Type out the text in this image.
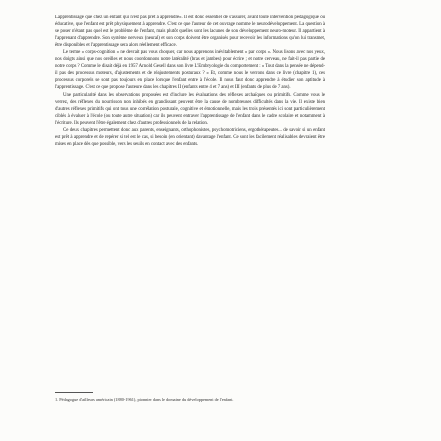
Lapprentissage que chez un enfant qui n'est pas prêt à apprendre». Il est donc essentiel de s'assurer, avant toute intervention pédagogique ou éducative, que l'enfant est prêt physiquement à apprendre. C'est ce que l'auteur de cet ouvrage nomme le neurodéveloppement. La question à se poser n'étant pas quel est le problème de l'enfant, mais plutôt quelles sont les lacunes de son développement neuro-moteur. Il appartient à l'apprenant d'apprendre. Son système nerveux (neural) et son corps doivent être organisés pour recevoir les informations qu'on lui transmet, être disponibles et l'apprentissage sera alors réellement efficace.

Le terme « corps-cognition » ne devrait pas vous choquer, car nous apprenons inévitablement « par corps ». Nous lisons avec nos yeux, nos doigts ainsi que nos oreilles et nous coordonnons notre latéralité (bras et jambes) pour écrire ; et notre cerveau, ne fait-il pas partie de notre corps ? Comme le disait déjà en 1957 Arnold Gesell dans son livre L'Embryologie du comportement : « Tout dans la pensée ne dépend-il pas des processus moteurs, d'ajustements et de réajustements posturaux ? » Et, comme nous le verrons dans ce livre (chapitre 1), ces processus corporels se sont pas toujours en place lorsque l'enfant entre à l'école. Il nous faut donc apprendre à étudier son aptitude à l'apprentissage. C'est ce que propose l'auteure dans les chapitres II (enfants entre 4 et 7 ans) et III (enfants de plus de 7 ans).

Une particularité dans les observations proposées est d'inclure les évaluations des réflexes archaïques ou primitifs. Comme vous le verrez, des réflexes du nourrisson non inhibés en grandissant peuvent être la cause de nombreuses difficultés dans la vie. Il existe bien d'autres réflexes primitifs qui ont tous une corrélation posturale, cognitive et émotionnelle, mais les trois présentés ici sont particulièrement ciblés à évaluer à l'école (ou toute autre situation) car ils peuvent entraver l'apprentissage de l'enfant dans le cadre scolaire et notamment à l'écriture. Ils peuvent l'être également chez d'autres professionnels de la relation.

Ce deux chapitres permettent donc aux parents, enseignants, orthophonistes, psychomotriciens, ergothérapeutes... de savoir si un enfant est prêt à apprendre et de repérer si tel est le cas, si besoin (en orientant) davantage l'enfant. Ce sont les facilement réalisables devraient être mises en place dès que possible, vers les seuils en contact avec des enfants.

1. Pédagogue d'ailleurs américain (1880-1961), pionnier dans le domaine du développement de l'enfant.
